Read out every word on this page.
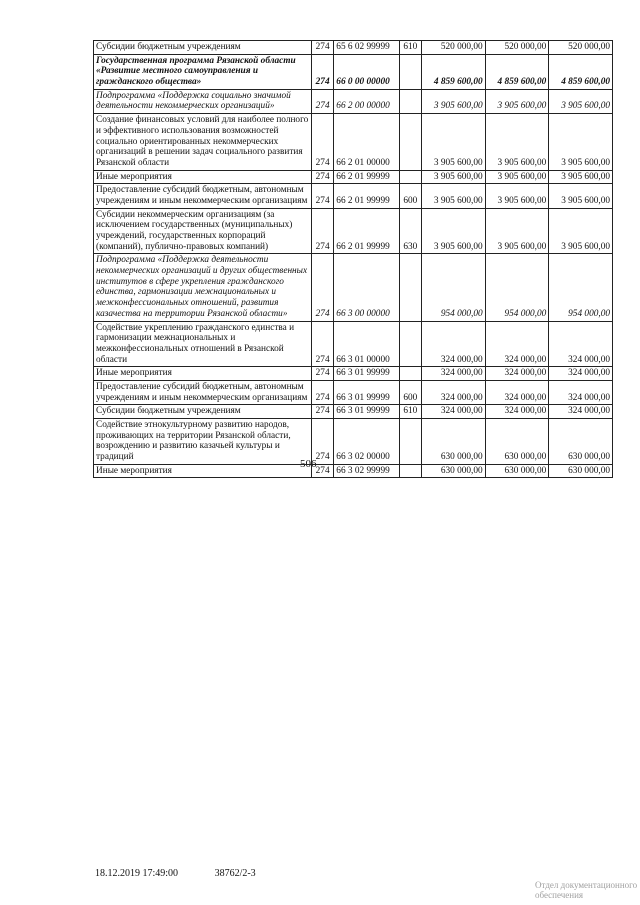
506
Субсидии бюджетным учреждениям	274	65 6 02 99999	610	520 000,00	520 000,00	520 000,00
Государственная программа Рязанской области «Развитие местного самоуправления и гражданского общества»	274	66 0 00 00000		4 859 600,00	4 859 600,00	4 859 600,00
Подпрограмма «Поддержка социально значимой деятельности некоммерческих организаций»	274	66 2 00 00000		3 905 600,00	3 905 600,00	3 905 600,00
Создание финансовых условий для наиболее полного и эффективного использования возможностей социально ориентированных некоммерческих организаций в решении задач социального развития Рязанской области	274	66 2 01 00000		3 905 600,00	3 905 600,00	3 905 600,00
Иные мероприятия	274	66 2 01 99999		3 905 600,00	3 905 600,00	3 905 600,00
Предоставление субсидий бюджетным, автономным учреждениям и иным некоммерческим организациям	274	66 2 01 99999	600	3 905 600,00	3 905 600,00	3 905 600,00
Субсидии некоммерческим организациям (за исключением государственных (муниципальных) учреждений, государственных корпораций (компаний), публично-правовых компаний)	274	66 2 01 99999	630	3 905 600,00	3 905 600,00	3 905 600,00
Подпрограмма «Поддержка деятельности некоммерческих организаций и других общественных институтов в сфере укрепления гражданского единства, гармонизации межнациональных и межконфессиональных отношений, развития казачества на территории Рязанской области»	274	66 3 00 00000		954 000,00	954 000,00	954 000,00
Содействие укреплению гражданского единства и гармонизации межнациональных и межконфессиональных отношений в Рязанской области	274	66 3 01 00000		324 000,00	324 000,00	324 000,00
Иные мероприятия	274	66 3 01 99999		324 000,00	324 000,00	324 000,00
Предоставление субсидий бюджетным, автономным учреждениям и иным некоммерческим организациям	274	66 3 01 99999	600	324 000,00	324 000,00	324 000,00
Субсидии бюджетным учреждениям	274	66 3 01 99999	610	324 000,00	324 000,00	324 000,00
Содействие этнокультурному развитию народов, проживающих на территории Рязанской области, возрождению и развитию казачьей культуры и традиций	274	66 3 02 00000		630 000,00	630 000,00	630 000,00
Иные мероприятия	274	66 3 02 99999		630 000,00	630 000,00	630 000,00
18.12.2019 17:49:00	38762/2-3
Отдел документационного обеспечения
